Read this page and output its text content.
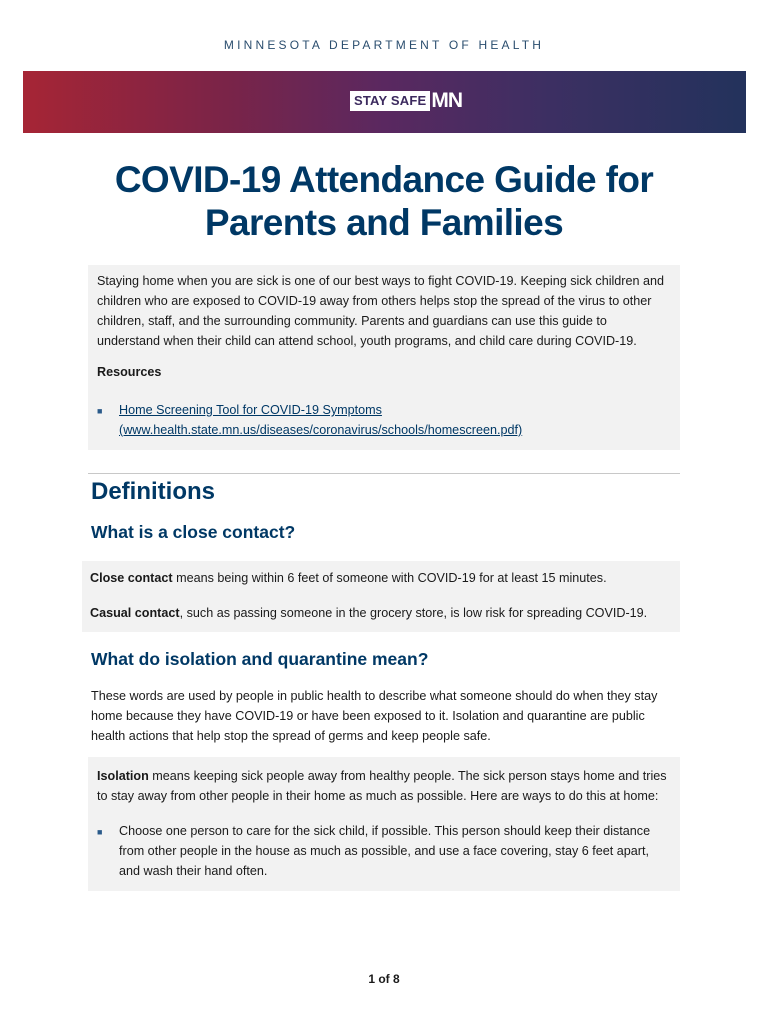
MINNESOTA DEPARTMENT OF HEALTH
STAY SAFE MN
COVID-19 Attendance Guide for
Parents and Families

Staying home when you are sick is one of our best ways to fight COVID-19. Keeping sick children and
children who are exposed to COVID-19 away from others helps stop the spread of the virus to other
children, staff, and the surrounding community. Parents and guardians can use this guide to
understand when their child can attend school, youth programs, and child care during COVID-19.

Resources
■ Home Screening Tool for COVID-19 Symptoms
(www.health.state.mn.us/diseases/coronavirus/schools/homescreen.pdf)
Definitions
What is a close contact?

Close contact means being within 6 feet of someone with COVID-19 for at least 15 minutes.

Casual contact, such as passing someone in the grocery store, is low risk for spreading COVID-19.

What do isolation and quarantine mean?

These words are used by people in public health to describe what someone should do when they stay
home because they have COVID-19 or have been exposed to it. Isolation and quarantine are public
health actions that help stop the spread of germs and keep people safe.

Isolation means keeping sick people away from healthy people. The sick person stays home and tries
to stay away from other people in their home as much as possible. Here are ways to do this at home:

■ Choose one person to care for the sick child, if possible. This person should keep their distance
from other people in the house as much as possible, and use a face covering, stay 6 feet apart,
and wash their hand often.

1 of 8
